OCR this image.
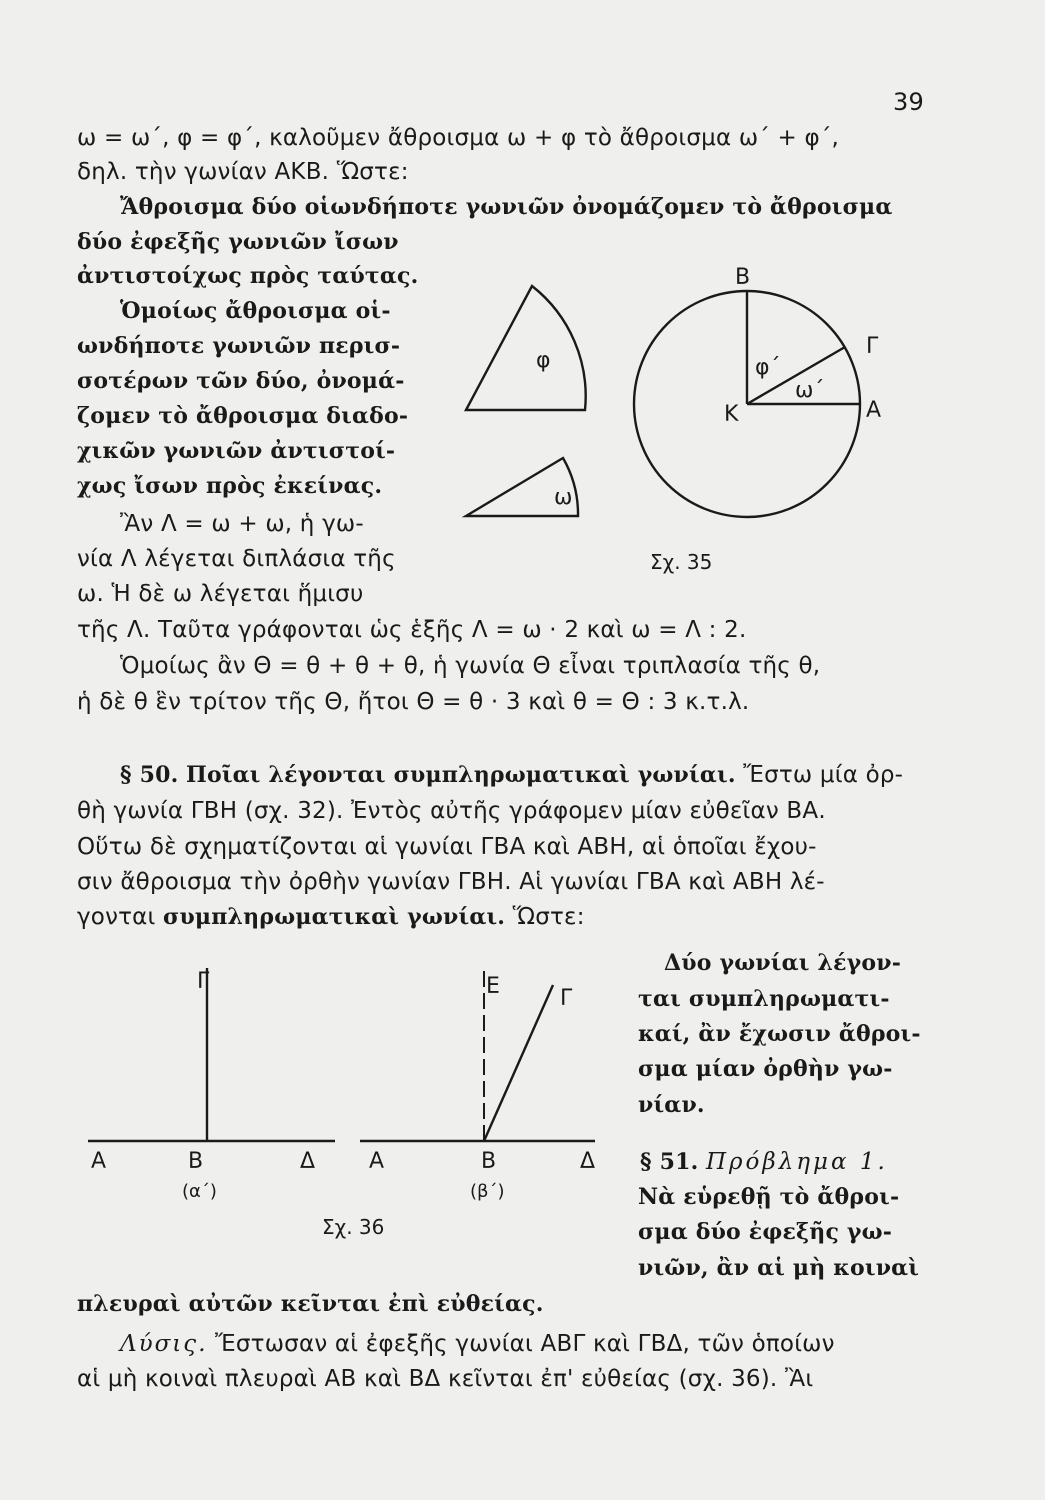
39
ω = ω΄, φ = φ΄, καλοῦμεν ἄθροισμα ω + φ τὸ ἄθροισμα ω΄ + φ΄,
δηλ. τὴν γωνίαν ΑΚΒ. Ὥστε:
Ἄθροισμα δύο οἱωνδήποτε γωνιῶν ὀνομάζομεν τὸ ἄθροισμα
δύο ἐφεξῆς γωνιῶν ἴσων
ἀντιστοίχως πρὸς ταύτας.
Ὁμοίως ἄθροισμα οἱ-
ωνδήποτε γωνιῶν περισ-
σοτέρων τῶν δύο, ὀνομά-
ζομεν τὸ ἄθροισμα διαδο-
χικῶν γωνιῶν ἀντιστοί-
χως ἴσων πρὸς ἐκείνας.
Ἂν Λ = ω + ω, ἡ γω-
νία Λ λέγεται διπλάσια τῆς
ω. Ἡ δὲ ω λέγεται ἥμισυ
τῆς Λ. Ταῦτα γράφονται ὡς ἑξῆς Λ = ω · 2 καὶ ω = Λ : 2.
Ὁμοίως ἂν Θ = θ + θ + θ, ἡ γωνία Θ εἶναι τριπλασία τῆς θ,
ἡ δὲ θ ἓν τρίτον τῆς Θ, ἤτοι Θ = θ · 3 καὶ θ = Θ : 3 κ.τ.λ.
φ
ω
Β
Γ
φ΄
ω΄
Κ	Α
Σχ. 35
§ 50. Ποῖαι λέγονται συμπληρωματικαὶ γωνίαι. Ἔστω μία ὀρ-
θὴ γωνία ΓΒΗ (σχ. 32). Ἐντὸς αὐτῆς γράφομεν μίαν εὐθεῖαν ΒΑ.
Οὕτω δὲ σχηματίζονται αἱ γωνίαι ΓΒΑ καὶ ΑΒΗ, αἱ ὁποῖαι ἔχου-
σιν ἄθροισμα τὴν ὀρθὴν γωνίαν ΓΒΗ. Αἱ γωνίαι ΓΒΑ καὶ ΑΒΗ λέ-
γονται συμπληρωματικαὶ γωνίαι. Ὥστε:
Γ
Α	Β	Δ
(α΄)
Ε	Γ
Α	Β	Δ
(β΄)
Σχ. 36
Δύο γωνίαι λέγον-
ται συμπληρωματι-
καί, ἂν ἔχωσιν ἄθροι-
σμα μίαν ὀρθὴν γω-
νίαν.
§ 51. Πρόβλημα 1.
Νὰ εὑρεθῇ τὸ ἄθροι-
σμα δύο ἐφεξῆς γω-
νιῶν, ἂν αἱ μὴ κοιναὶ
πλευραὶ αὐτῶν κεῖνται ἐπὶ εὐθείας.
Λύσις. Ἔστωσαν αἱ ἐφεξῆς γωνίαι ΑΒΓ καὶ ΓΒΔ, τῶν ὁποίων
αἱ μὴ κοιναὶ πλευραὶ ΑΒ καὶ ΒΔ κεῖνται ἐπ' εὐθείας (σχ. 36). Ἂι
